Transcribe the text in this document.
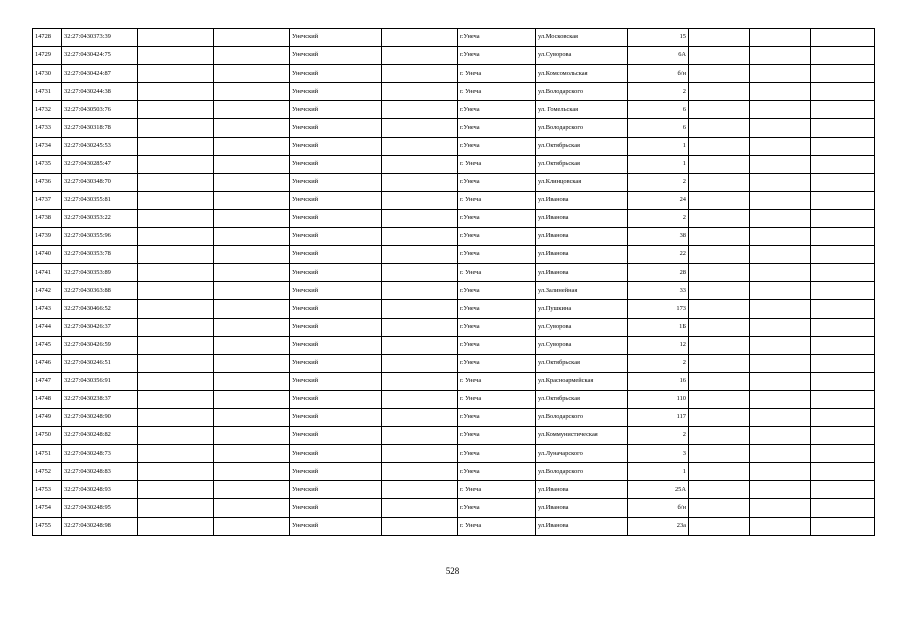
14728	32:27:0430373:39			Унечский		г.Унеча	ул.Московская	15			
14729	32:27:0430424:75			Унечский		г.Унеча	ул.Суворова	6А			
14730	32:27:0430424:87			Унечский		г. Унеча	ул.Комсомольская	б/н			
14731	32:27:0430244:38			Унечский		г. Унеча	ул.Володарского	2			
14732	32:27:0430503:76			Унечский		г.Унеча	ул. Гомельская	6			
14733	32:27:0430318:78			Унечский		г.Унеча	ул.Володарского	6			
14734	32:27:0430245:53			Унечский		г.Унеча	ул.Октябрьская	1			
14735	32:27:0430285:47			Унечский		г. Унеча	ул.Октябрьская	1			
14736	32:27:0430348:70			Унечский		г.Унеча	ул.Клинцовская	2			
14737	32:27:0430355:81			Унечский		г. Унеча	ул.Иванова	24			
14738	32:27:0430353:22			Унечский		г.Унеча	ул.Иванова	2			
14739	32:27:0430355:96			Унечский		г.Унеча	ул.Иванова	38			
14740	32:27:0430353:78			Унечский		г.Унеча	ул.Иванова	22			
14741	32:27:0430353:89			Унечский		г. Унеча	ул.Иванова	28			
14742	32:27:0430363:88			Унечский		г.Унеча	ул.Залинейная	33			
14743	32:27:0430466:52			Унечский		г.Унеча	ул.Пушкина	173			
14744	32:27:0430426:37			Унечский		г.Унеча	ул.Суворова	1Б			
14745	32:27:0430426:59			Унечский		г.Унеча	ул.Суворова	12			
14746	32:27:0430246:51			Унечский		г.Унеча	ул.Октябрьская	2			
14747	32:27:0430356:91			Унечский		г. Унеча	ул.Красноармейская	16			
14748	32:27:0430238:37			Унечский		г. Унеча	ул.Октябрьская	110			
14749	32:27:0430248:90			Унечский		г.Унеча	ул.Володарского	117			
14750	32:27:0430248:82			Унечский		г.Унеча	ул.Коммунистическая	2			
14751	32:27:0430248:73			Унечский		г.Унеча	ул.Луначарского	3			
14752	32:27:0430248:83			Унечский		г.Унеча	ул.Володарского	1			
14753	32:27:0430248:93			Унечский		г. Унеча	ул.Иванова	25А			
14754	32:27:0430248:95			Унечский		г.Унеча	ул.Иванова	б/н			
14755	32:27:0430248:98			Унечский		г. Унеча	ул.Иванова	23а			
528
